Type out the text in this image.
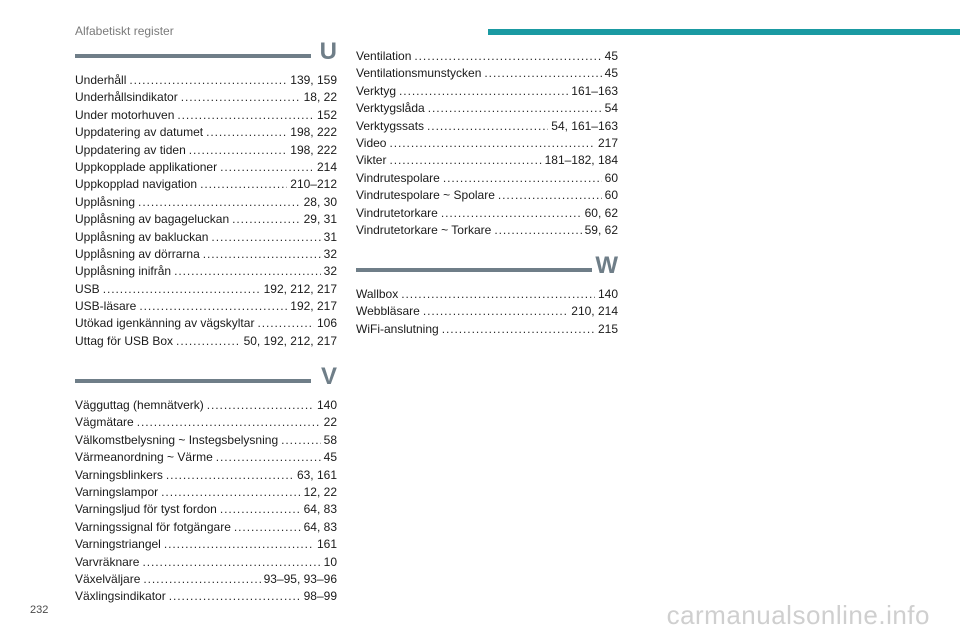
Alfabetiskt register
U
Underhåll . . .	139, 159
Underhållsindikator . . .	18, 22
Under motorhuven . . .	152
Uppdatering av datumet . . .	198, 222
Uppdatering av tiden . . .	198, 222
Uppkopplade applikationer . . .	214
Uppkopplad navigation . . .	210–212
Upplåsning . . .	28, 30
Upplåsning av bagageluckan . . .	29, 31
Upplåsning av bakluckan . . .	31
Upplåsning av dörrarna . . .	32
Upplåsning inifrån . . .	32
USB . . .	192, 212, 217
USB-läsare . . .	192, 217
Utökad igenkänning av vägskyltar . . .	106
Uttag för USB Box . . .	50, 192, 212, 217
V
Vägguttag (hemnätverk) . . .	140
Vägmätare . . .	22
Välkomstbelysning ~ Instegsbelysning . . .	58
Värmeanordning ~ Värme . . .	45
Varningsblinkers . . .	63, 161
Varningslampor . . .	12, 22
Varningsljud för tyst fordon . . .	64, 83
Varningssignal för fotgängare . . .	64, 83
Varningstriangel . . .	161
Varvräknare . . .	10
Växelväljare . . .	93–95, 93–96
Växlingsindikator . . .	98–99
Ventilation . . .	45
Ventilationsmunstycken . . .	45
Verktyg . . .	161–163
Verktygslåda . . .	54
Verktygssats . . .	54, 161–163
Video . . .	217
Vikter . . .	181–182, 184
Vindrutespolare . . .	60
Vindrutespolare ~ Spolare . . .	60
Vindrutetorkare . . .	60, 62
Vindrutetorkare ~ Torkare . . .	59, 62
W
Wallbox . . .	140
Webbläsare . . .	210, 214
WiFi-anslutning . . .	215
232	carmanualsonline.info
